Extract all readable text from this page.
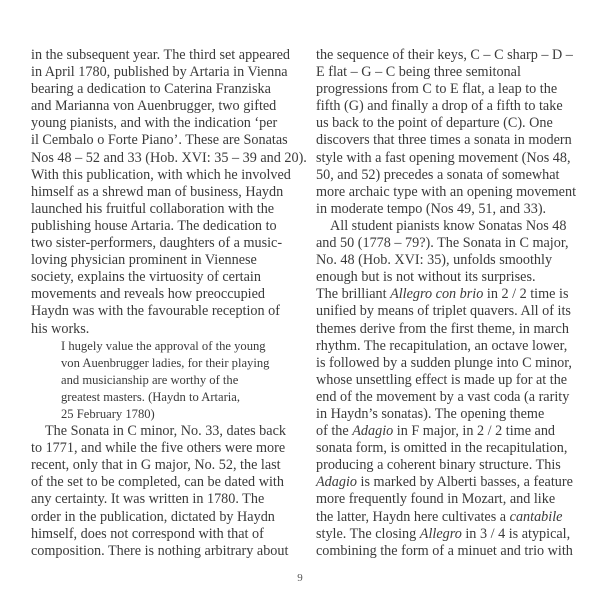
in the subsequent year. The third set appeared
in April 1780, published by Artaria in Vienna
bearing a dedication to Caterina Franziska
and Marianna von Auenbrugger, two gifted
young pianists, and with the indication ‘per
il Cembalo o Forte Piano’. These are Sonatas
Nos 48 – 52 and 33 (Hob. XVI: 35 – 39 and 20).
With this publication, with which he involved
himself as a shrewd man of business, Haydn
launched his fruitful collaboration with the
publishing house Artaria. The dedication to
two sister-performers, daughters of a music-
loving physician prominent in Viennese
society, explains the virtuosity of certain
movements and reveals how preoccupied
Haydn was with the favourable reception of
his works.
I hugely value the approval of the young
von Auenbrugger ladies, for their playing
and musicianship are worthy of the
greatest masters. (Haydn to Artaria,
25 February 1780)
The Sonata in C minor, No. 33, dates back
to 1771, and while the five others were more
recent, only that in G major, No. 52, the last
of the set to be completed, can be dated with
any certainty. It was written in 1780. The
order in the publication, dictated by Haydn
himself, does not correspond with that of
composition. There is nothing arbitrary about
the sequence of their keys, C – C sharp – D –
E flat – G – C being three semitonal
progressions from C to E flat, a leap to the
fifth (G) and finally a drop of a fifth to take
us back to the point of departure (C). One
discovers that three times a sonata in modern
style with a fast opening movement (Nos 48,
50, and 52) precedes a sonata of somewhat
more archaic type with an opening movement
in moderate tempo (Nos 49, 51, and 33).
All student pianists know Sonatas Nos 48
and 50 (1778 – 79?). The Sonata in C major,
No. 48 (Hob. XVI: 35), unfolds smoothly
enough but is not without its surprises.
The brilliant Allegro con brio in 2 / 2 time is
unified by means of triplet quavers. All of its
themes derive from the first theme, in march
rhythm. The recapitulation, an octave lower,
is followed by a sudden plunge into C minor,
whose unsettling effect is made up for at the
end of the movement by a vast coda (a rarity
in Haydn’s sonatas). The opening theme
of the Adagio in F major, in 2 / 2 time and
sonata form, is omitted in the recapitulation,
producing a coherent binary structure. This
Adagio is marked by Alberti basses, a feature
more frequently found in Mozart, and like
the latter, Haydn here cultivates a cantabile
style. The closing Allegro in 3 / 4 is atypical,
combining the form of a minuet and trio with
9
